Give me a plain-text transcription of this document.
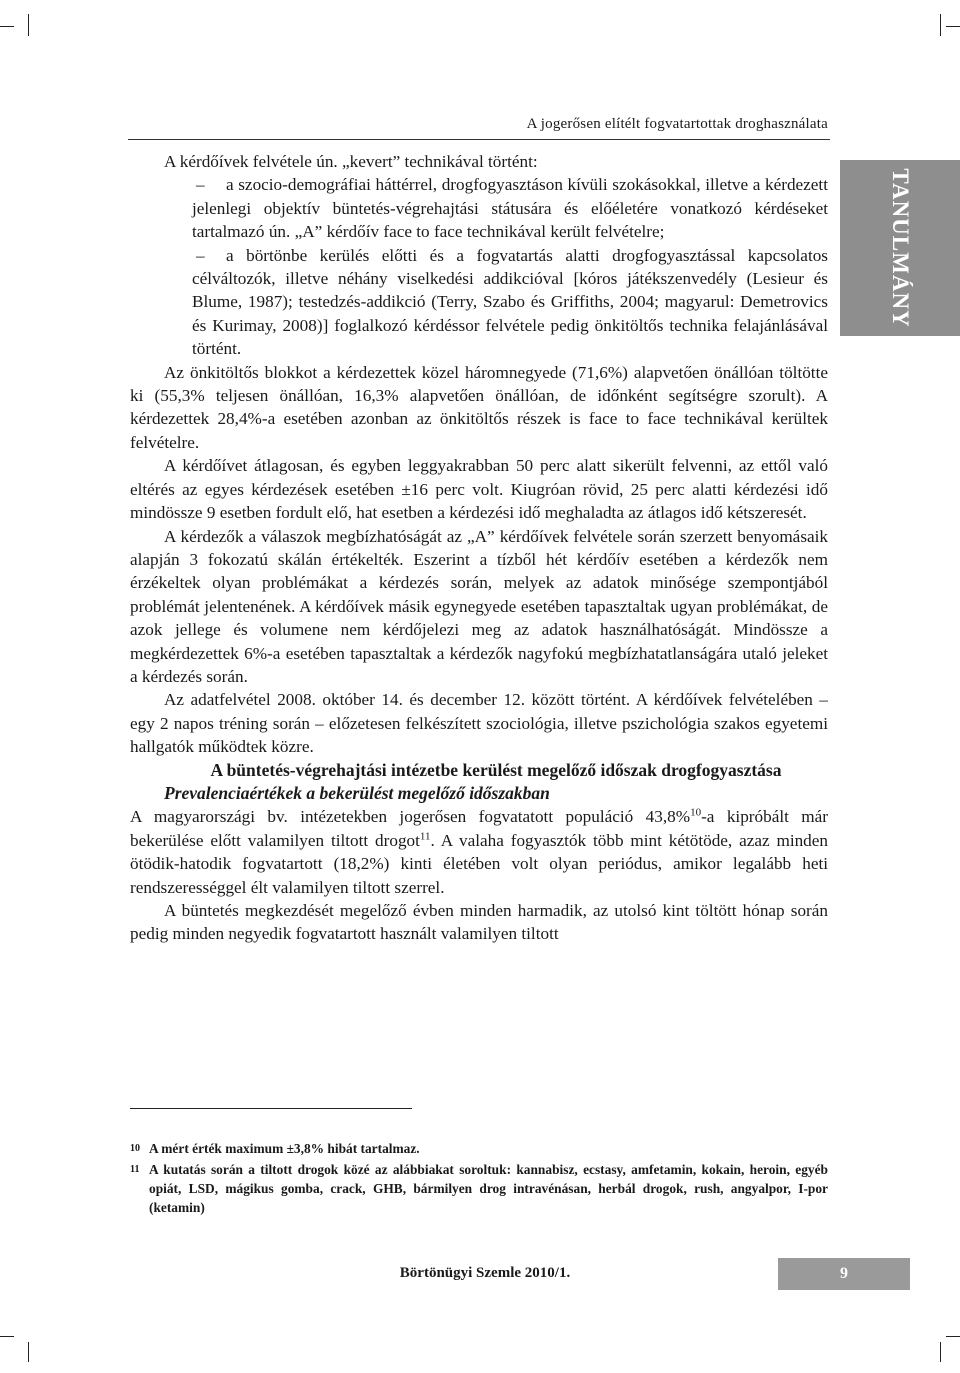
A jogerősen elítélt fogvatartottak droghasználata
TANULMÁNY

A kérdőívek felvétele ún. „kevert” technikával történt:

– a szocio-demográfiai háttérrel, drogfogyasztáson kívüli szokásokkal, illetve a kérdezett jelenlegi objektív büntetés-végrehajtási státusára és előéletére vonatkozó kérdéseket tartalmazó ún. „A” kérdőív face to face technikával került felvételre;

– a börtönbe kerülés előtti és a fogvatartás alatti drogfogyasztással kapcsolatos célváltozók, illetve néhány viselkedési addikcióval [kóros játékszenvedély (Lesieur és Blume, 1987); testedzés-addikció (Terry, Szabo és Griffiths, 2004; magyarul: Demetrovics és Kurimay, 2008)] foglalkozó kérdéssor felvétele pedig önkitöltős technika felajánlásával történt.

Az önkitöltős blokkot a kérdezettek közel háromnegyede (71,6%) alapvetően önállóan töltötte ki (55,3% teljesen önállóan, 16,3% alapvetően önállóan, de időnként segítségre szorult). A kérdezettek 28,4%-a esetében azonban az önkitöltős részek is face to face technikával kerültek felvételre.

A kérdőívet átlagosan, és egyben leggyakrabban 50 perc alatt sikerült felvenni, az ettől való eltérés az egyes kérdezések esetében ±16 perc volt. Kiugróan rövid, 25 perc alatti kérdezési idő mindössze 9 esetben fordult elő, hat esetben a kérdezési idő meghaladta az átlagos idő kétszeresét.

A kérdezők a válaszok megbízhatóságát az „A” kérdőívek felvétele során szerzett benyomásaik alapján 3 fokozatú skálán értékelték. Eszerint a tízből hét kérdőív esetében a kérdezők nem érzékeltek olyan problémákat a kérdezés során, melyek az adatok minősége szempontjából problémát jelentenének. A kérdőívek másik egynegyede esetében tapasztaltak ugyan problémákat, de azok jellege és volumene nem kérdőjelezi meg az adatok használhatóságát. Mindössze a megkérdezettek 6%-a esetében tapasztaltak a kérdezők nagyfokú megbízhatatlanságára utaló jeleket a kérdezés során.

Az adatfelvétel 2008. október 14. és december 12. között történt. A kérdőívek felvételében – egy 2 napos tréning során – előzetesen felkészített szociológia, illetve pszichológia szakos egyetemi hallgatók működtek közre.

A büntetés-végrehajtási intézetbe kerülést megelőző időszak drogfogyasztása

Prevalenciaértékek a bekerülést megelőző időszakban

A magyarországi bv. intézetekben jogerősen fogvatatott populáció 43,8%$^{10}$-a kipróbált már bekerülése előtt valamilyen tiltott drogot$^{11}$. A valaha fogyasztók több mint kétötöde, azaz minden ötödik-hatodik fogvatartott (18,2%) kinti életében volt olyan periódus, amikor legalább heti rendszerességgel élt valamilyen tiltott szerrel.

A büntetés megkezdését megelőző évben minden harmadik, az utolsó kint töltött hónap során pedig minden negyedik fogvatartott használt valamilyen tiltott

10 A mért érték maximum ±3,8% hibát tartalmaz.

11 A kutatás során a tiltott drogok közé az alábbiakat soroltuk: kannabisz, ecstasy, amfetamin, kokain, heroin, egyéb opiát, LSD, mágikus gomba, crack, GHB, bármilyen drog intravénásan, herbál drogok, rush, angyalpor, I-por (ketamin)

Börtönügyi Szemle 2010/1.	9
